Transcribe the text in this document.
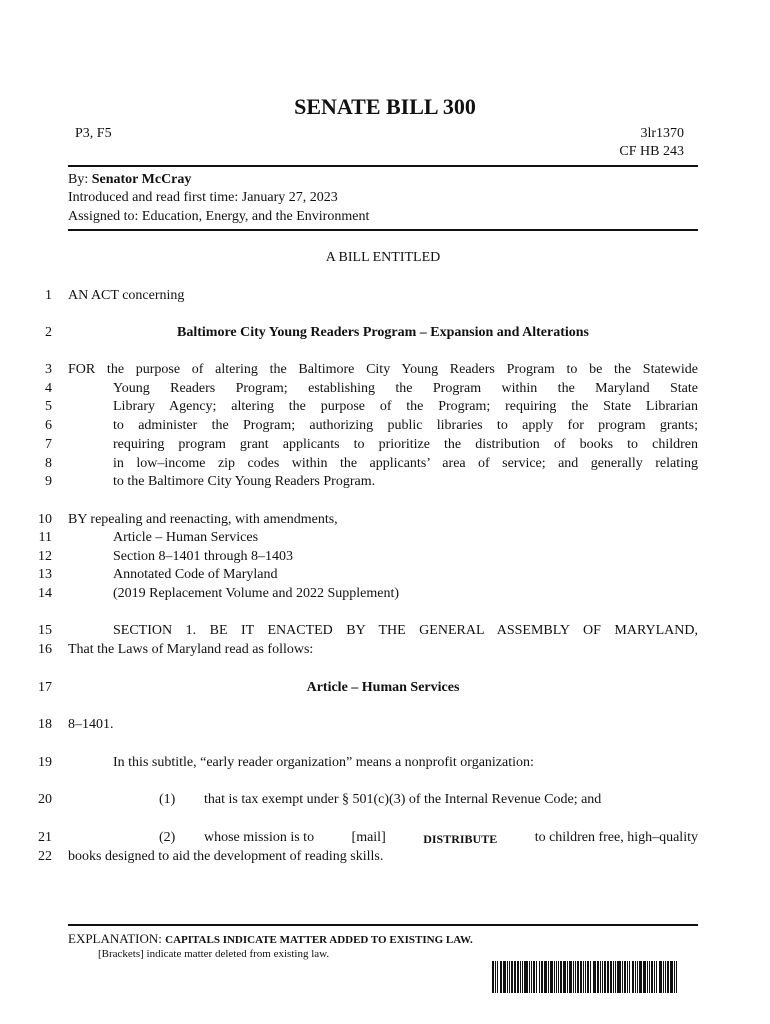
SENATE BILL 300
P3, F5	3lr1370
CF HB 243
By: Senator McCray
Introduced and read first time: January 27, 2023
Assigned to: Education, Energy, and the Environment
A BILL ENTITLED
1
2
3
4
5
6
7
8
9
10
11
12
13
14
15
16
17
18
19
20
21
22
AN ACT concerning
Baltimore City Young Readers Program – Expansion and Alterations
FOR the purpose of altering the Baltimore City Young Readers Program to be the Statewide
Young Readers Program; establishing the Program within the Maryland State
Library Agency; altering the purpose of the Program; requiring the State Librarian
to administer the Program; authorizing public libraries to apply for program grants;
requiring program grant applicants to prioritize the distribution of books to children
in low–income zip codes within the applicants’ area of service; and generally relating
to the Baltimore City Young Readers Program.
BY repealing and reenacting, with amendments,
Article – Human Services
Section 8–1401 through 8–1403
Annotated Code of Maryland
(2019 Replacement Volume and 2022 Supplement)
SECTION 1. BE IT ENACTED BY THE GENERAL ASSEMBLY OF MARYLAND,
That the Laws of Maryland read as follows:
Article – Human Services
8–1401.
In this subtitle, “early reader organization” means a nonprofit organization:
(1) that is tax exempt under § 501(c)(3) of the Internal Revenue Code; and
(2) whose mission is to	[mail]	DISTRIBUTE	to children free, high–quality
books designed to aid the development of reading skills.
EXPLANATION: CAPITALS INDICATE MATTER ADDED TO EXISTING LAW.
[Brackets] indicate matter deleted from existing law.
